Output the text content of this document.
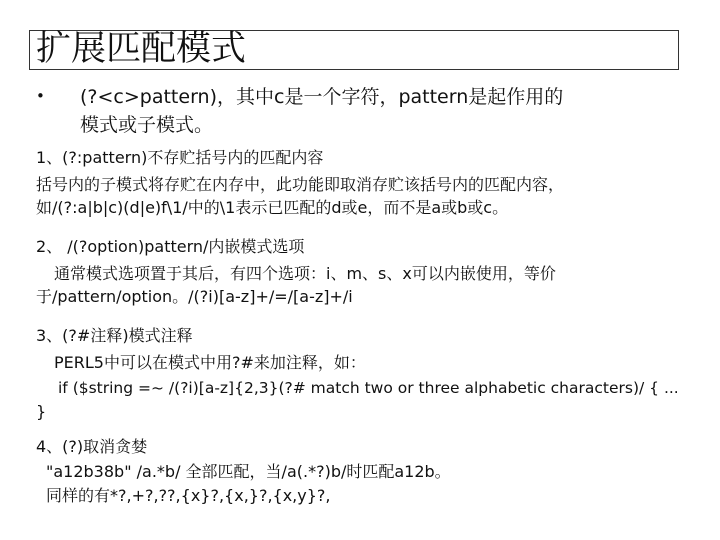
扩展匹配模式
• (?<c>pattern)，其中c是一个字符，pattern是起作用的
模式或子模式。
1、(?:pattern)不存贮括号内的匹配内容
括号内的子模式将存贮在内存中，此功能即取消存贮该括号内的匹配内容，
如/(?:a|b|c)(d|e)f\1/中的\1表示已匹配的d或e，而不是a或b或c。
2、 /(?option)pattern/内嵌模式选项
通常模式选项置于其后，有四个选项：i、m、s、x可以内嵌使用，等价
于/pattern/option。/(?i)[a-z]+/=/[a-z]+/i
3、(?#注释)模式注释
PERL5中可以在模式中用?#来加注释，如：
if ($string =~ /(?i)[a-z]{2,3}(?# match two or three alphabetic characters)/ { ...
}
4、(?)取消贪婪
"a12b38b" /a.*b/ 全部匹配，当/a(.*?)b/时匹配a12b。
同样的有*?,+?,??,{x}?,{x,}?,{x,y}?,
